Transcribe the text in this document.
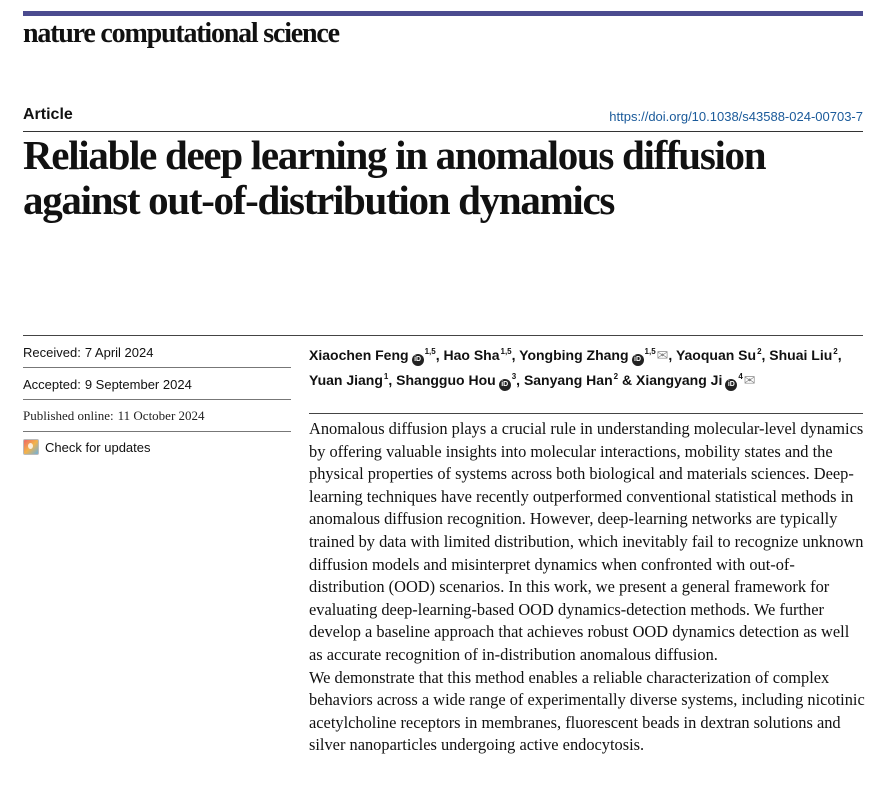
nature computational science
Article	https://doi.org/10.1038/s43588-024-00703-7
Reliable deep learning in anomalous diffusion against out-of-distribution dynamics
Received: 7 April 2024
Accepted: 9 September 2024
Published online: 11 October 2024
Check for updates
Xiaochen Feng iD$^{1,5}$, Hao Sha$^{1,5}$, Yongbing Zhang iD$^{1,5}$✉, Yaoquan Su$^2$, Shuai Liu$^2$, Yuan Jiang$^1$, Shangguo Hou $iD^3$, Sanyang Han$^2$ & Xiangyang Ji $iD^4✉$

Anomalous diffusion plays a crucial rule in understanding molecular-level dynamics by offering valuable insights into molecular interactions, mobility states and the physical properties of systems across both biological and materials sciences. Deep-learning techniques have recently outperformed conventional statistical methods in anomalous diffusion recognition. However, deep-learning networks are typically trained by data with limited distribution, which inevitably fail to recognize unknown diffusion models and misinterpret dynamics when confronted with out-of-distribution (OOD) scenarios. In this work, we present a general framework for evaluating deep-learning-based OOD dynamics-detection methods. We further develop a baseline approach that achieves robust OOD dynamics detection as well as accurate recognition of in-distribution anomalous diffusion.

We demonstrate that this method enables a reliable characterization of complex behaviors across a wide range of experimentally diverse systems, including nicotinic acetylcholine receptors in membranes, fluorescent beads in dextran solutions and silver nanoparticles undergoing active endocytosis.
